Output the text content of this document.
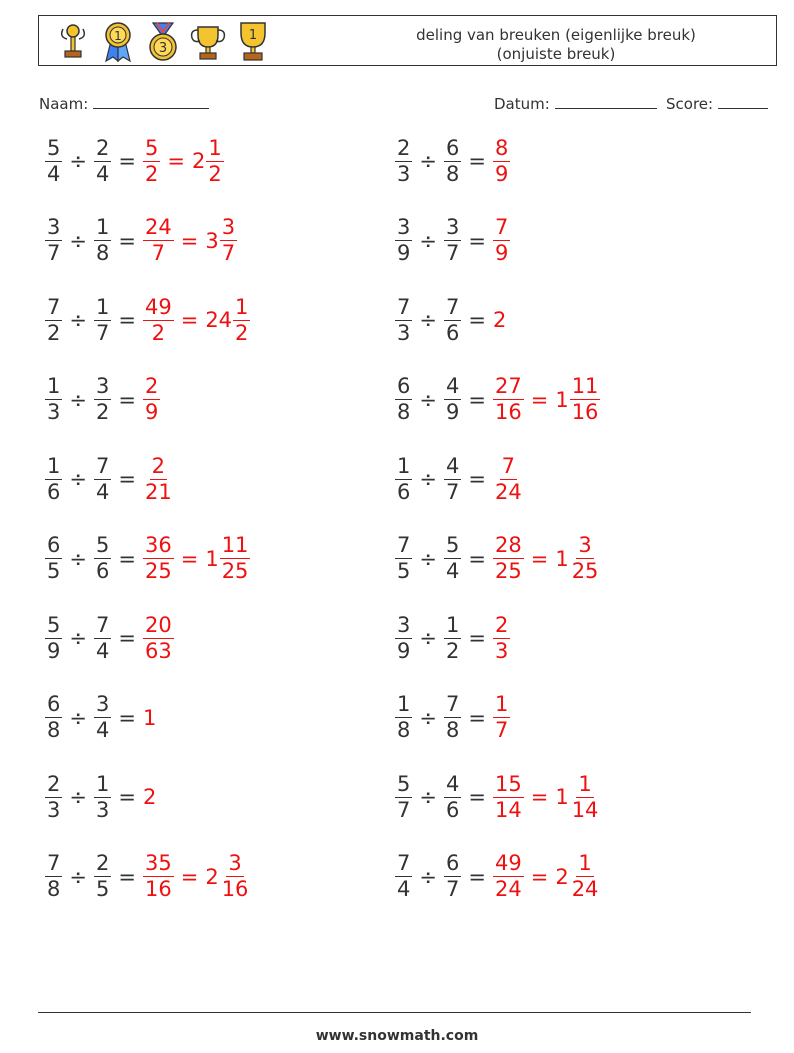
1
3
1	deling van breuken (eigenlijke breuk)
(onjuiste breuk)
Naam:	Datum:	Score:
$\frac{5}{4} \div \frac{2}{4} = \frac{5}{2} = 2 \frac{1}{2}$	$\frac{2}{3} \div \frac{6}{8} = \frac{8}{9}$
$\frac{3}{7} \div \frac{1}{8} = \frac{24}{7} = 3 \frac{3}{7}$	$\frac{3}{9} \div \frac{3}{7} = \frac{7}{9}$
$\frac{7}{2} \div \frac{1}{7} = \frac{49}{2} = 24 \frac{1}{2}$	$\frac{7}{3} \div \frac{7}{6} = 2$
$\frac{1}{3} \div \frac{3}{2} = \frac{2}{9}$	$\frac{6}{8} \div \frac{4}{9} = \frac{27}{16} = 1 \frac{11}{16}$
$\frac{1}{6} \div \frac{7}{4} = \frac{2}{21}$	$\frac{1}{6} \div \frac{4}{7} = \frac{7}{24}$
$\frac{6}{5} \div \frac{5}{6} = \frac{36}{25} = 1 \frac{11}{25}$	$\frac{7}{5} \div \frac{5}{4} = \frac{28}{25} = 1 \frac{3}{25}$
$\frac{5}{9} \div \frac{7}{4} = \frac{20}{63}$	$\frac{3}{9} \div \frac{1}{2} = \frac{2}{3}$
$\frac{6}{8} \div \frac{3}{4} = 1$	$\frac{1}{8} \div \frac{7}{8} = \frac{1}{7}$
$\frac{2}{3} \div \frac{1}{3} = 2$	$\frac{5}{7} \div \frac{4}{6} = \frac{15}{14} = 1 \frac{1}{14}$
$\frac{7}{8} \div \frac{2}{5} = \frac{35}{16} = 2 \frac{3}{16}$	$\frac{7}{4} \div \frac{6}{7} = \frac{49}{24} = 2 \frac{1}{24}$
www.snowmath.com
